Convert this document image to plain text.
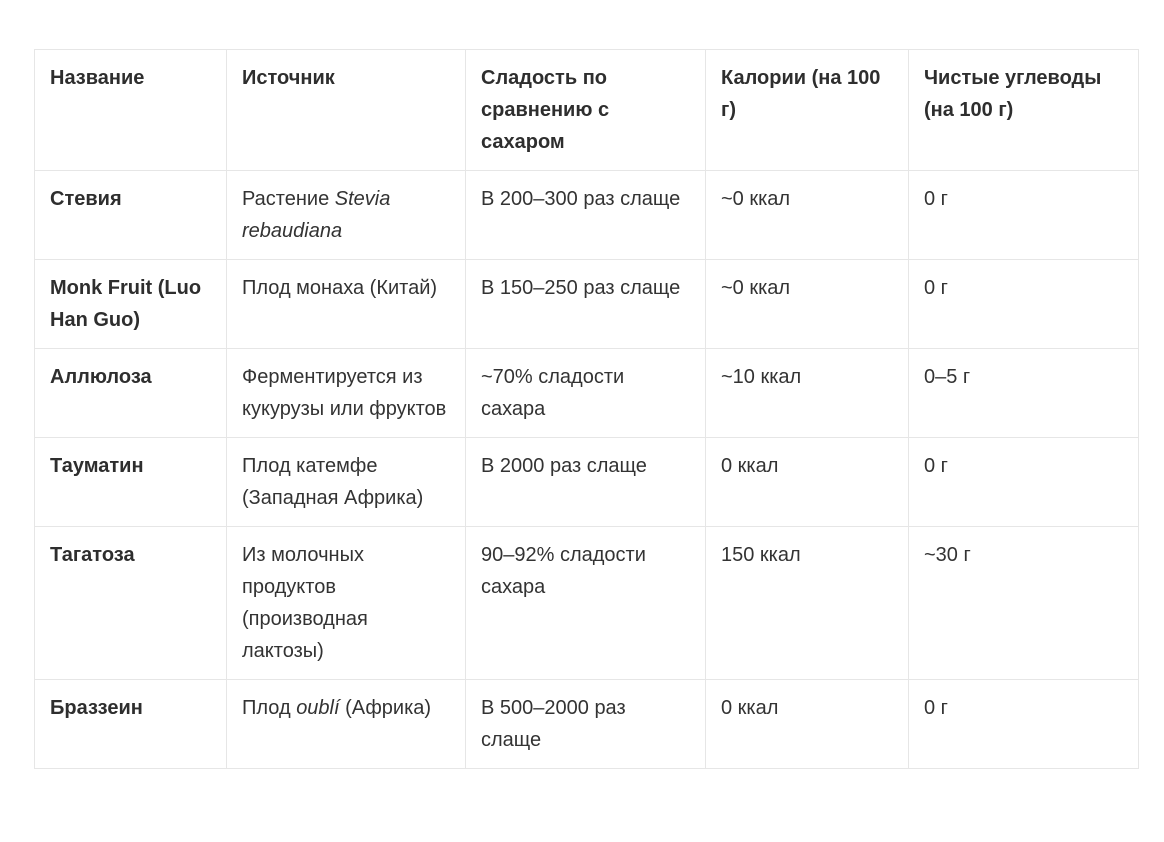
Название	Источник	Сладость по сравнению с сахаром	Калории (на 100 г)	Чистые углеводы (на 100 г)
Стевия	Растение Stevia rebaudiana	В 200–300 раз слаще	~0 ккал	0 г
Monk Fruit (Luo Han Guo)	Плод монаха (Китай)	В 150–250 раз слаще	~0 ккал	0 г
Аллюлоза	Ферментируется из кукурузы или фруктов	~70% сладости сахара	~10 ккал	0–5 г
Тауматин	Плод катемфе (Западная Африка)	В 2000 раз слаще	0 ккал	0 г
Тагатоза	Из молочных продуктов (производная лактозы)	90–92% сладости сахара	150 ккал	~30 г
Браззеин	Плод oublí (Африка)	В 500–2000 раз слаще	0 ккал	0 г
